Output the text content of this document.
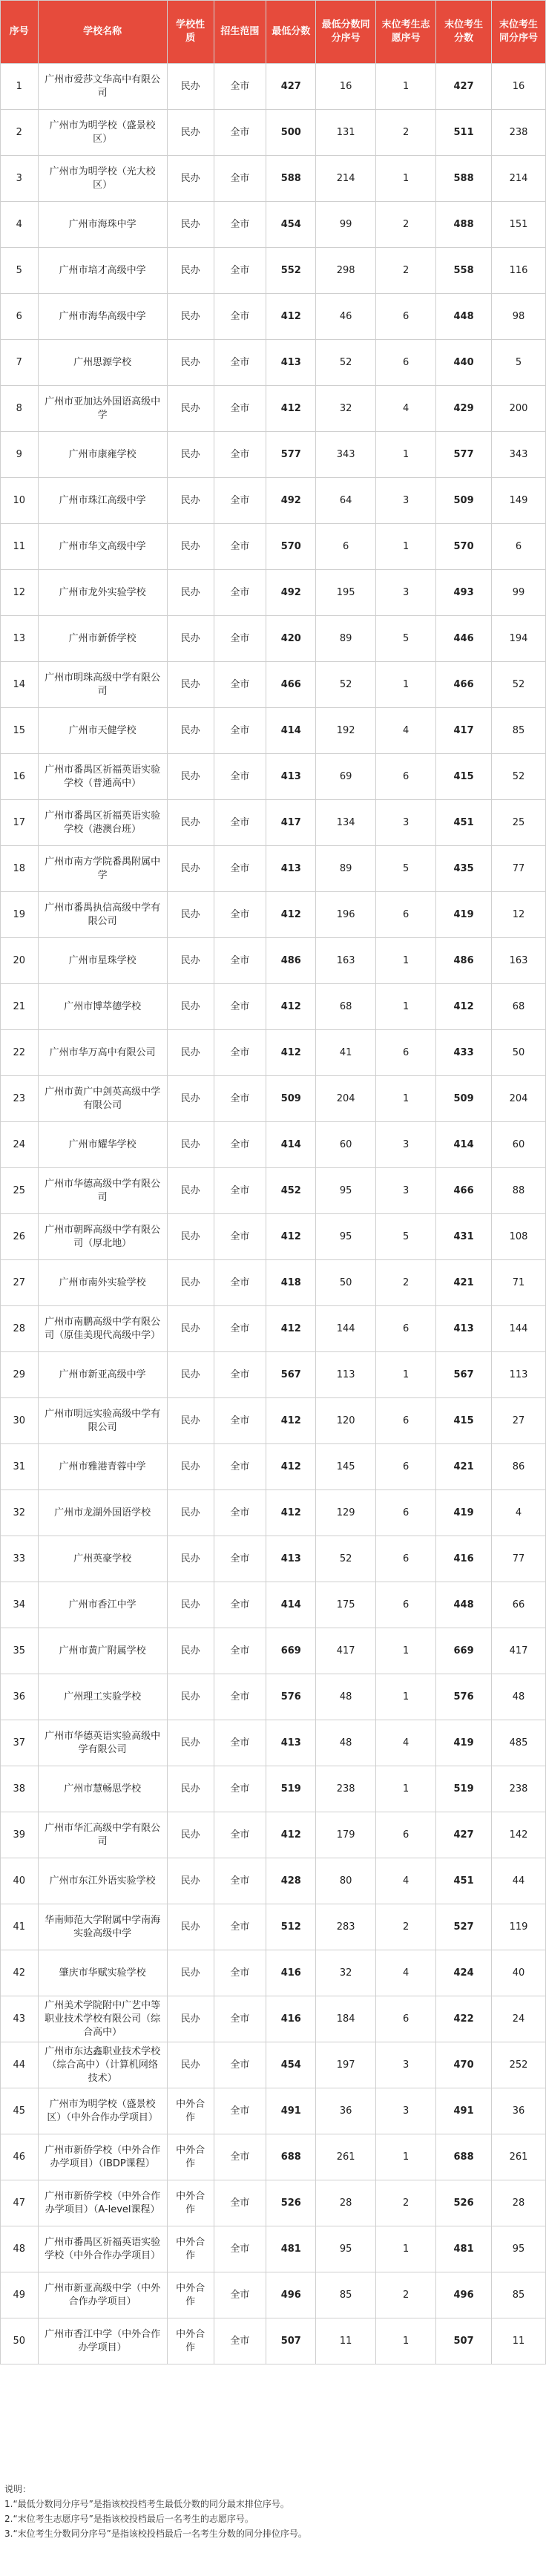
序号	学校名称	学校性质	招生范围	最低分数	最低分数同分序号	末位考生志愿序号	末位考生分数	末位考生同分序号
1	广州市爱莎文华高中有限公司	民办	全市	427	16	1	427	16
2	广州市为明学校（盛景校区）	民办	全市	500	131	2	511	238
3	广州市为明学校（光大校区）	民办	全市	588	214	1	588	214
4	广州市海珠中学	民办	全市	454	99	2	488	151
5	广州市培才高级中学	民办	全市	552	298	2	558	116
6	广州市海华高级中学	民办	全市	412	46	6	448	98
7	广州思源学校	民办	全市	413	52	6	440	5
8	广州市亚加达外国语高级中学	民办	全市	412	32	4	429	200
9	广州市康雍学校	民办	全市	577	343	1	577	343
10	广州市珠江高级中学	民办	全市	492	64	3	509	149
11	广州市华文高级中学	民办	全市	570	6	1	570	6
12	广州市龙外实验学校	民办	全市	492	195	3	493	99
13	广州市新侨学校	民办	全市	420	89	5	446	194
14	广州市明珠高级中学有限公司	民办	全市	466	52	1	466	52
15	广州市天健学校	民办	全市	414	192	4	417	85
16	广州市番禺区祈福英语实验学校（普通高中）	民办	全市	413	69	6	415	52
17	广州市番禺区祈福英语实验学校（港澳台班）	民办	全市	417	134	3	451	25
18	广州市南方学院番禺附属中学	民办	全市	413	89	5	435	77
19	广州市番禺执信高级中学有限公司	民办	全市	412	196	6	419	12
20	广州市星珠学校	民办	全市	486	163	1	486	163
21	广州市博萃德学校	民办	全市	412	68	1	412	68
22	广州市华万高中有限公司	民办	全市	412	41	6	433	50
23	广州市黄广中剑英高级中学有限公司	民办	全市	509	204	1	509	204
24	广州市耀华学校	民办	全市	414	60	3	414	60
25	广州市华德高级中学有限公司	民办	全市	452	95	3	466	88
26	广州市朝晖高级中学有限公司（厚北地）	民办	全市	412	95	5	431	108
27	广州市南外实验学校	民办	全市	418	50	2	421	71
28	广州市南鹏高级中学有限公司（原佳美现代高级中学）	民办	全市	412	144	6	413	144
29	广州市新亚高级中学	民办	全市	567	113	1	567	113
30	广州市明远实验高级中学有限公司	民办	全市	412	120	6	415	27
31	广州市雅港青蓉中学	民办	全市	412	145	6	421	86
32	广州市龙湖外国语学校	民办	全市	412	129	6	419	4
33	广州英豪学校	民办	全市	413	52	6	416	77
34	广州市香江中学	民办	全市	414	175	6	448	66
35	广州市黄广附属学校	民办	全市	669	417	1	669	417
36	广州理工实验学校	民办	全市	576	48	1	576	48
37	广州市华德英语实验高级中学有限公司	民办	全市	413	48	4	419	485
38	广州市慧畅思学校	民办	全市	519	238	1	519	238
39	广州市华汇高级中学有限公司	民办	全市	412	179	6	427	142
40	广州市东江外语实验学校	民办	全市	428	80	4	451	44
41	华南师范大学附属中学南海实验高级中学	民办	全市	512	283	2	527	119
42	肇庆市华赋实验学校	民办	全市	416	32	4	424	40
43	广州美术学院附中广艺中等职业技术学校有限公司（综合高中）	民办	全市	416	184	6	422	24
44	广州市东达鑫职业技术学校（综合高中）（计算机网络技术）	民办	全市	454	197	3	470	252
45	广州市为明学校（盛景校区）（中外合作办学项目）	中外合作	全市	491	36	3	491	36
46	广州市新侨学校（中外合作办学项目）（IBDP课程）	中外合作	全市	688	261	1	688	261
47	广州市新侨学校（中外合作办学项目）（A-level课程）	中外合作	全市	526	28	2	526	28
48	广州市番禺区祈福英语实验学校（中外合作办学项目）	中外合作	全市	481	95	1	481	95
49	广州市新亚高级中学（中外合作办学项目）	中外合作	全市	496	85	2	496	85
50	广州市香江中学（中外合作办学项目）	中外合作	全市	507	11	1	507	11
说明：
1.“最低分数同分序号”是指该校投档考生最低分数的同分最末排位序号。
2.“末位考生志愿序号”是指该校投档最后一名考生的志愿序号。
3.“末位考生分数同分序号”是指该校投档最后一名考生分数的同分排位序号。
